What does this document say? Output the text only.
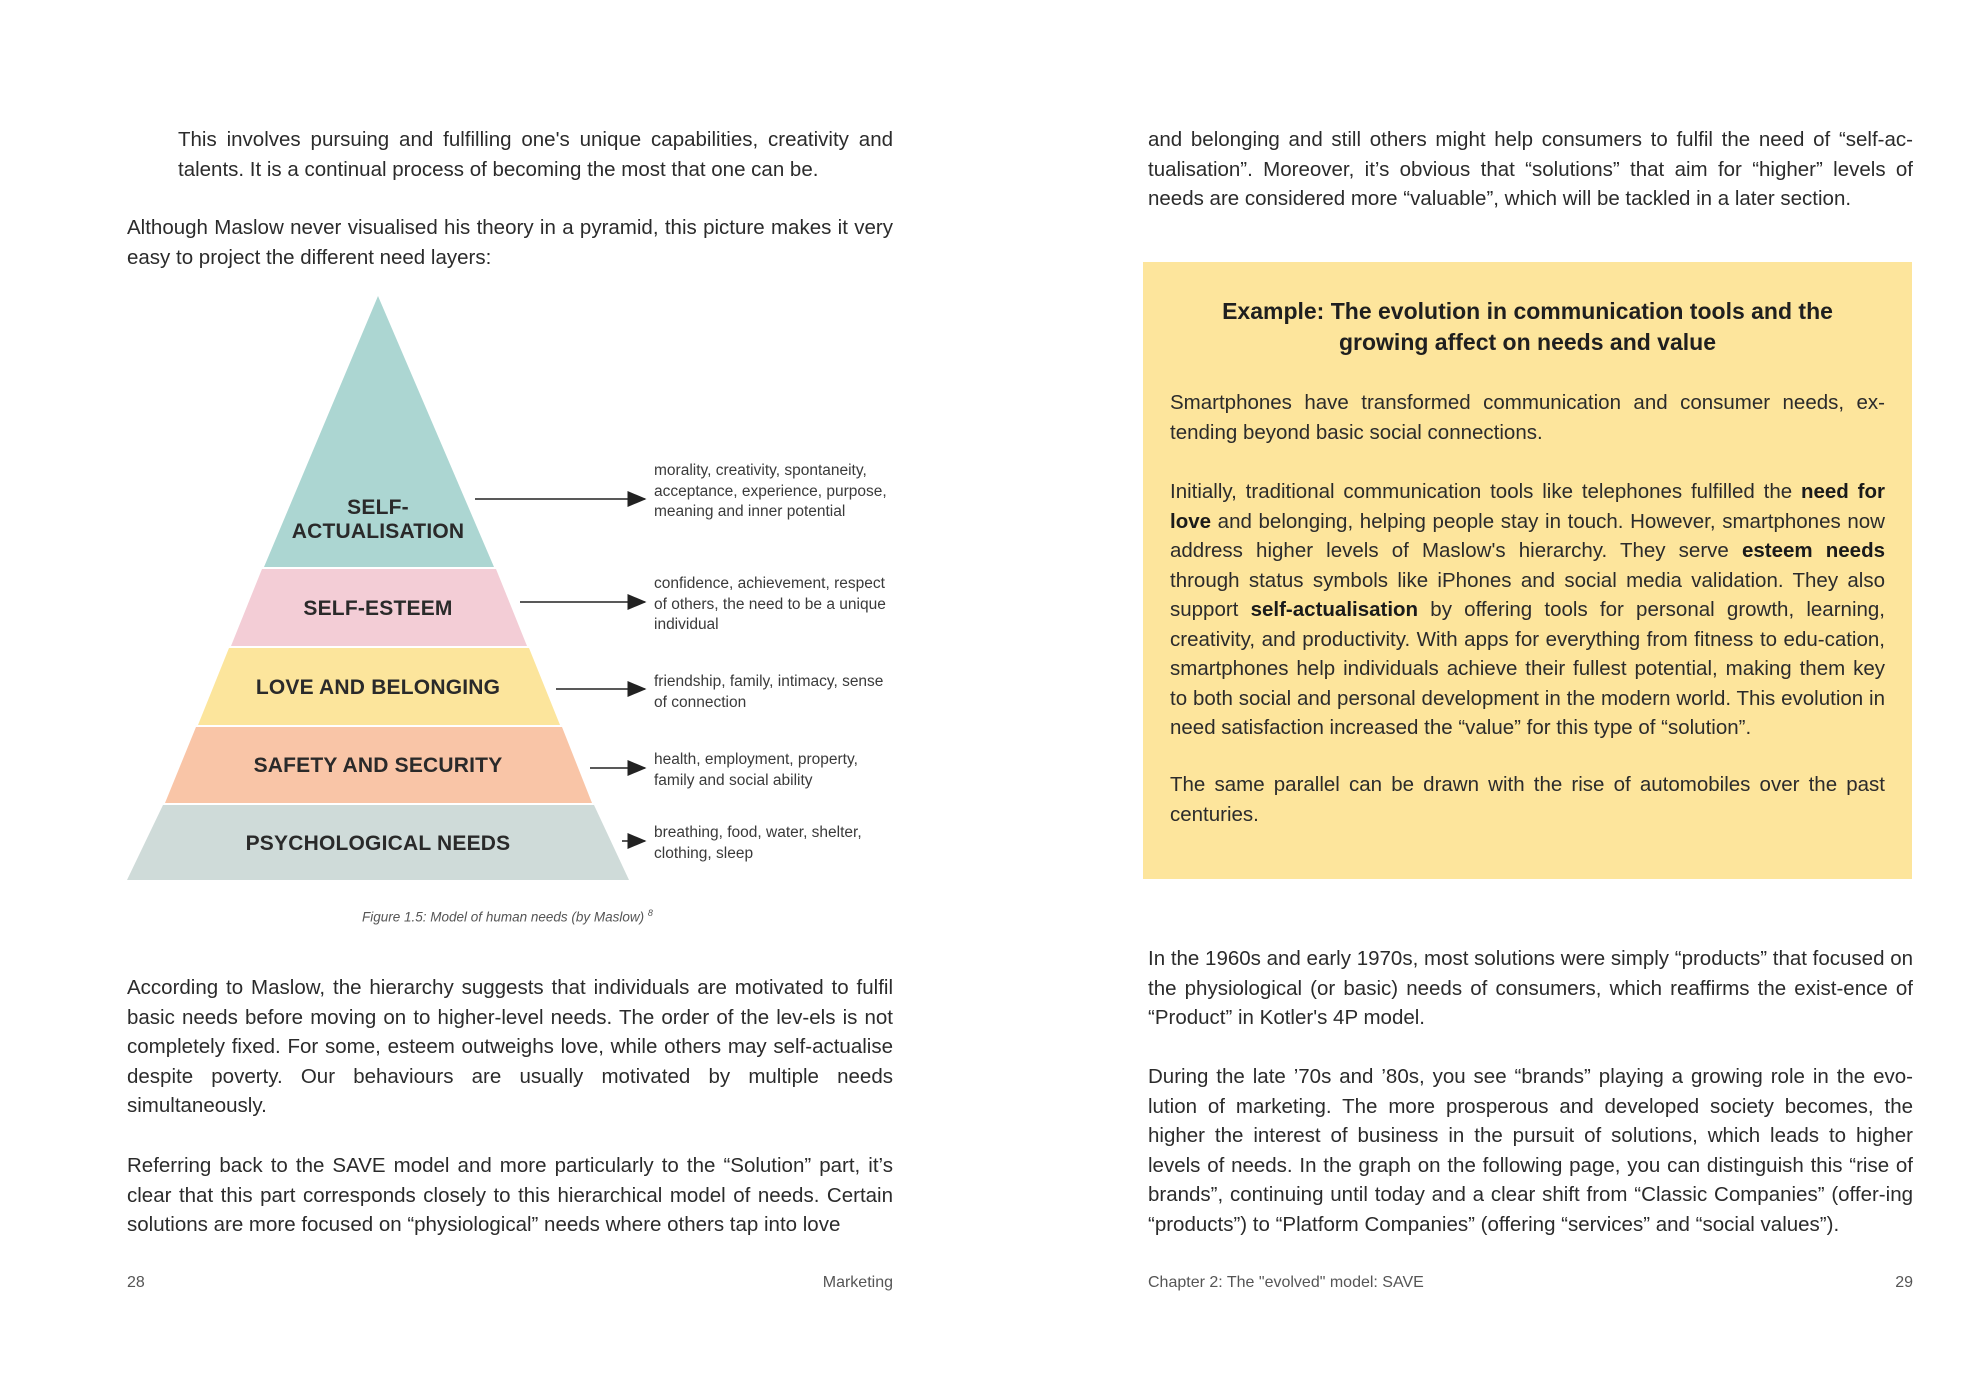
This involves pursuing and fulfilling one's unique capabilities, creativity and talents. It is a continual process of becoming the most that one can be.

Although Maslow never visualised his theory in a pyramid, this picture makes it very easy to project the different need layers:

SELF-
ACTUALISATION
SELF-ESTEEM
LOVE AND BELONGING
SAFETY AND SECURITY
PSYCHOLOGICAL NEEDS
morality, creativity, spontaneity, acceptance, experience, purpose, meaning and inner potential
confidence, achievement, respect of others, the need to be a unique individual
friendship, family, intimacy, sense of connection
health, employment, property, family and social ability
breathing, food, water, shelter, clothing, sleep
Figure 1.5: Model of human needs (by Maslow) $^8$

According to Maslow, the hierarchy suggests that individuals are motivated to fulfil basic needs before moving on to higher-level needs. The order of the lev-els is not completely fixed. For some, esteem outweighs love, while others may self-actualise despite poverty. Our behaviours are usually motivated by multiple needs simultaneously.

Referring back to the SAVE model and more particularly to the “Solution” part, it’s clear that this part corresponds closely to this hierarchical model of needs. Certain solutions are more focused on “physiological” needs where others tap into love

28	Marketing

and belonging and still others might help consumers to fulfil the need of “self-ac-tualisation”. Moreover, it’s obvious that “solutions” that aim for “higher” levels of needs are considered more “valuable”, which will be tackled in a later section.

Example: The evolution in communication tools and the
growing affect on needs and value

Smartphones have transformed communication and consumer needs, ex-tending beyond basic social connections.

Initially, traditional communication tools like telephones fulfilled the need for love and belonging, helping people stay in touch. However, smartphones now address higher levels of Maslow's hierarchy. They serve esteem needs through status symbols like iPhones and social media validation. They also support self-actualisation by offering tools for personal growth, learning, creativity, and productivity. With apps for everything from fitness to edu-cation, smartphones help individuals achieve their fullest potential, making them key to both social and personal development in the modern world. This evolution in need satisfaction increased the “value” for this type of “solution”.

The same parallel can be drawn with the rise of automobiles over the past centuries.

In the 1960s and early 1970s, most solutions were simply “products” that focused on the physiological (or basic) needs of consumers, which reaffirms the exist-ence of “Product” in Kotler's 4P model.

During the late ’70s and ’80s, you see “brands” playing a growing role in the evo-lution of marketing. The more prosperous and developed society becomes, the higher the interest of business in the pursuit of solutions, which leads to higher levels of needs. In the graph on the following page, you can distinguish this “rise of brands”, continuing until today and a clear shift from “Classic Companies” (offer-ing “products”) to “Platform Companies” (offering “services” and “social values”).

Chapter 2: The "evolved" model: SAVE	29
